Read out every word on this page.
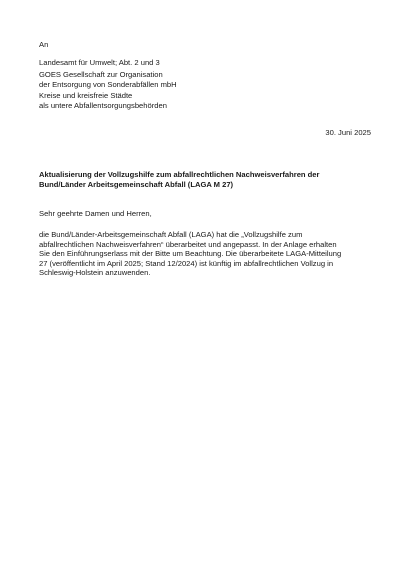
An
Landesamt für Umwelt; Abt. 2 und 3
GOES Gesellschaft zur Organisation
der Entsorgung von Sonderabfällen mbH
Kreise und kreisfreie Städte
als untere Abfallentsorgungsbehörden
30. Juni 2025
Aktualisierung der Vollzugshilfe zum abfallrechtlichen Nachweisverfahren der
Bund/Länder Arbeitsgemeinschaft Abfall (LAGA M 27)
Sehr geehrte Damen und Herren,
die Bund/Länder-Arbeitsgemeinschaft Abfall (LAGA) hat die „Vollzugshilfe zum
abfallrechtlichen Nachweisverfahren“ überarbeitet und angepasst. In der Anlage erhalten
Sie den Einführungserlass mit der Bitte um Beachtung. Die überarbeitete LAGA-Mitteilung
27 (veröffentlicht im April 2025; Stand 12/2024) ist künftig im abfallrechtlichen Vollzug in
Schleswig-Holstein anzuwenden.
